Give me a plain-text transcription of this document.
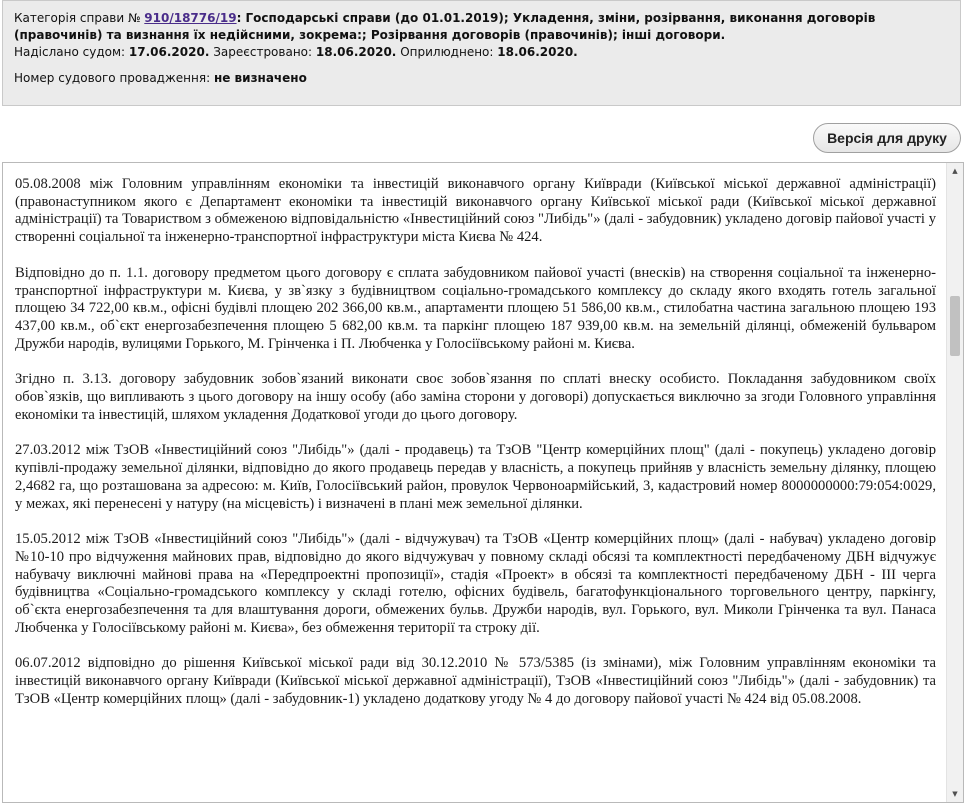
Категорія справи № 910/18776/19: Господарські справи (до 01.01.2019); Укладення, зміни, розірвання, виконання договорів (правочинів) та визнання їх недійсними, зокрема:; Розірвання договорів (правочинів); інші договори.

Надіслано судом: 17.06.2020. Зареєстровано: 18.06.2020. Оприлюднено: 18.06.2020.

Номер судового провадження: не визначено

Версія для друку

05.08.2008 між Головним управлінням економіки та інвестицій виконавчого органу Київради (Київської міської державної адміністрації) (правонаступником якого є Департамент економіки та інвестицій виконавчого органу Київської міської ради (Київської міської державної адміністрації) та Товариством з обмеженою відповідальністю «Інвестиційний союз "Либідь"» (далі - забудовник) укладено договір пайової участі у створенні соціальної та інженерно-транспортної інфраструктури міста Києва № 424.

Відповідно до п. 1.1. договору предметом цього договору є сплата забудовником пайової участі (внесків) на створення соціальної та інженерно-транспортної інфраструктури м. Києва, у зв`язку з будівництвом соціально-громадського комплексу до складу якого входять готель загальної площею 34 722,00 кв.м., офісні будівлі площею 202 366,00 кв.м., апартаменти площею 51 586,00 кв.м., стилобатна частина загальною площею 193 437,00 кв.м., об`єкт енергозабезпечення площею 5 682,00 кв.м. та паркінг площею 187 939,00 кв.м. на земельній ділянці, обмеженій бульваром Дружби народів, вулицями Горького, М. Грінченка і П. Любченка у Голосіївському районі м. Києва.

Згідно п. 3.13. договору забудовник зобов`язаний виконати своє зобов`язання по сплаті внеску особисто. Покладання забудовником своїх обов`язків, що випливають з цього договору на іншу особу (або заміна сторони у договорі) допускається виключно за згоди Головного управління економіки та інвестицій, шляхом укладення Додаткової угоди до цього договору.

27.03.2012 між ТзОВ «Інвестиційний союз "Либідь"» (далі - продавець) та ТзОВ "Центр комерційних площ" (далі - покупець) укладено договір купівлі-продажу земельної ділянки, відповідно до якого продавець передав у власність, а покупець прийняв у власність земельну ділянку, площею 2,4682 га, що розташована за адресою: м. Київ, Голосіївський район, провулок Червоноармійський, 3, кадастровий номер 8000000000:79:054:0029, у межах, які перенесені у натуру (на місцевість) і визначені в плані меж земельної ділянки.

15.05.2012 між ТзОВ «Інвестиційний союз "Либідь"» (далі - відчужувач) та ТзОВ «Центр комерційних площ» (далі - набувач) укладено договір №10-10 про відчуження майнових прав, відповідно до якого відчужувач у повному складі обсязі та комплектності передбаченому ДБН відчужує набувачу виключні майнові права на «Передпроектні пропозиції», стадія «Проект» в обсязі та комплектності передбаченому ДБН - ІІІ черга будівництва «Соціально-громадського комплексу у складі готелю, офісних будівель, багатофункціонального торговельного центру, паркінгу, об`єкта енергозабезпечення та для влаштування дороги, обмежених бульв. Дружби народів, вул. Горького, вул. Миколи Грінченка та вул. Панаса Любченка у Голосіївському районі м. Києва», без обмеження території та строку дії.

06.07.2012 відповідно до рішення Київської міської ради від 30.12.2010 № 573/5385 (із змінами), між Головним управлінням економіки та інвестицій виконавчого органу Київради (Київської міської державної адміністрації), ТзОВ «Інвестиційний союз "Либідь"» (далі - забудовник) та ТзОВ «Центр комерційних площ» (далі - забудовник-1) укладено додаткову угоду № 4 до договору пайової участі № 424 від 05.08.2008.

▲
▼
